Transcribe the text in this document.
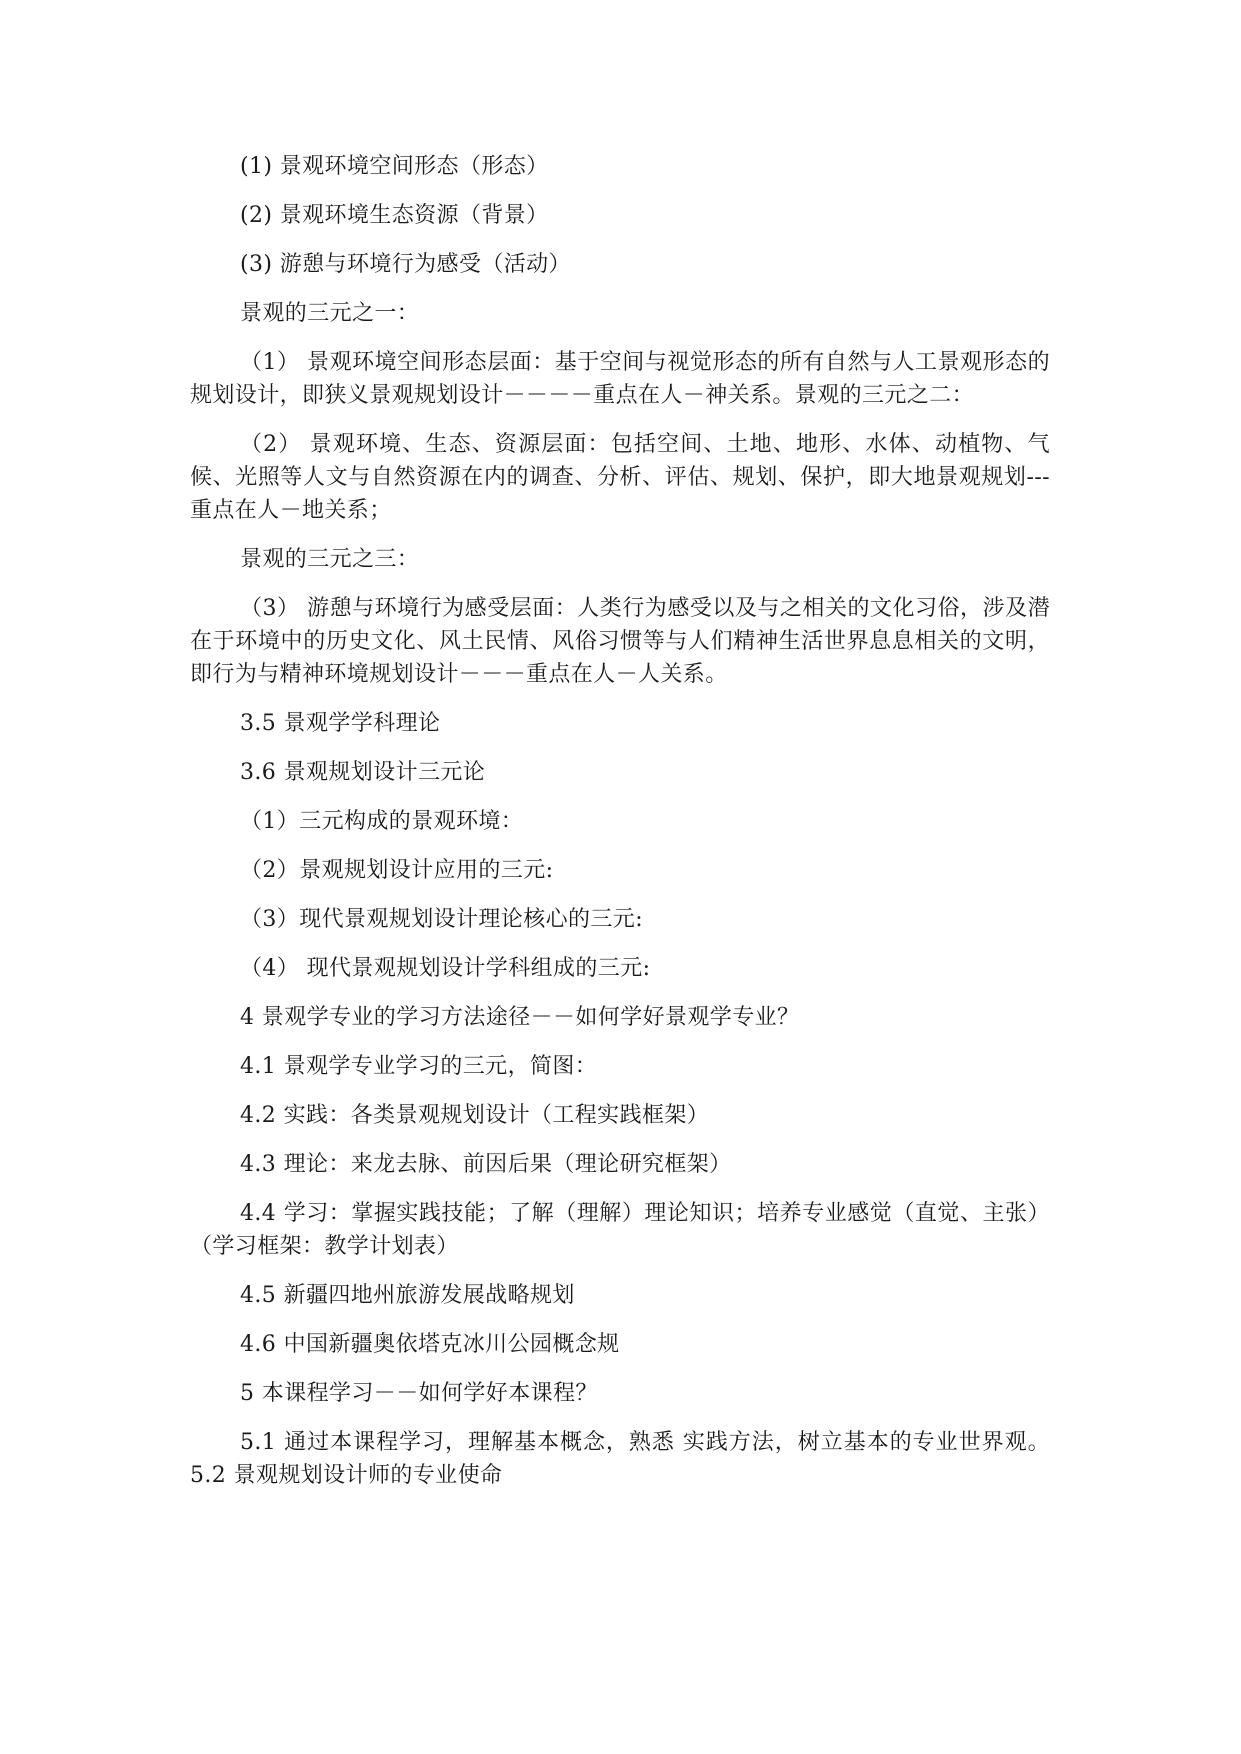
(1) 景观环境空间形态（形态）

(2) 景观环境生态资源（背景）

(3) 游憩与环境行为感受（活动）

景观的三元之一：

（1） 景观环境空间形态层面：基于空间与视觉形态的所有自然与人工景观形态的规划设计，即狭义景观规划设计－－－－重点在人－神关系。景观的三元之二：

（2） 景观环境、生态、资源层面：包括空间、土地、地形、水体、动植物、气候、光照等人文与自然资源在内的调查、分析、评估、规划、保护，即大地景观规划---重点在人－地关系；

景观的三元之三：

（3） 游憩与环境行为感受层面：人类行为感受以及与之相关的文化习俗，涉及潜在于环境中的历史文化、风土民情、风俗习惯等与人们精神生活世界息息相关的文明，即行为与精神环境规划设计－－－重点在人－人关系。

3.5 景观学学科理论

3.6 景观规划设计三元论

（1）三元构成的景观环境：

（2）景观规划设计应用的三元:

（3）现代景观规划设计理论核心的三元:

（4） 现代景观规划设计学科组成的三元:

4 景观学专业的学习方法途径－－如何学好景观学专业？

4.1 景观学专业学习的三元，简图：

4.2 实践：各类景观规划设计（工程实践框架）

4.3 理论：来龙去脉、前因后果（理论研究框架）

4.4 学习：掌握实践技能；了解（理解）理论知识；培养专业感觉（直觉、主张）（学习框架：教学计划表）

4.5 新疆四地州旅游发展战略规划

4.6 中国新疆奥依塔克冰川公园概念规

5 本课程学习－－如何学好本课程？

5.1 通过本课程学习，理解基本概念，熟悉 实践方法，树立基本的专业世界观。5.2 景观规划设计师的专业使命
